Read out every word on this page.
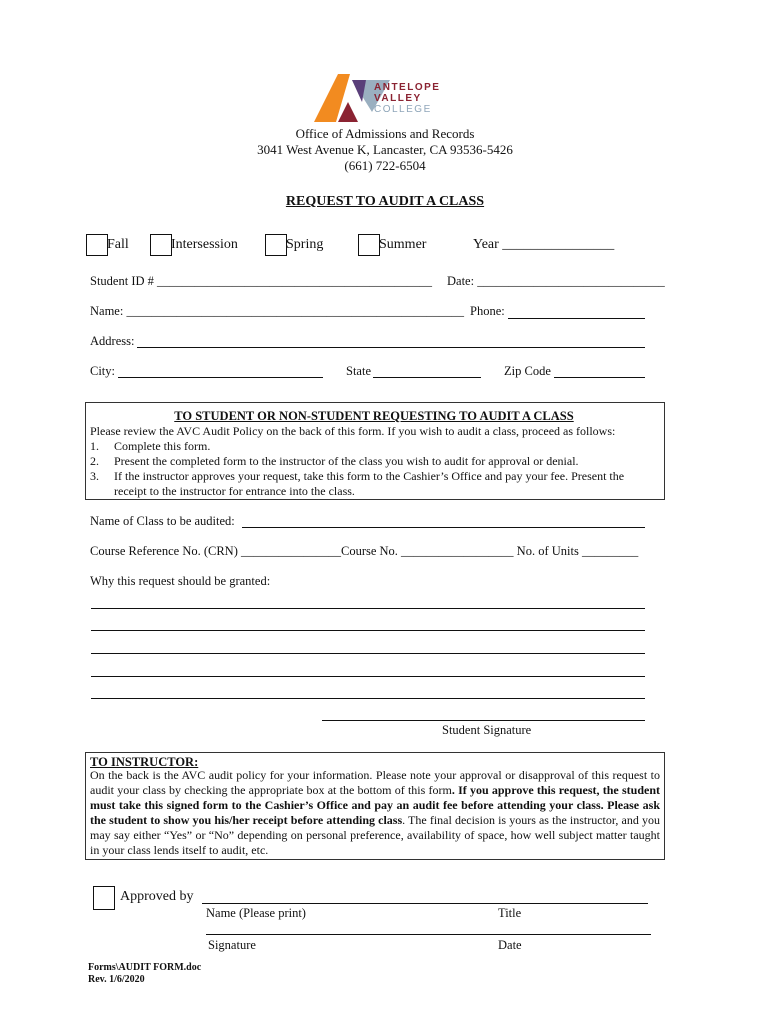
ANTELOPE
VALLEY
COLLEGE
Office of Admissions and Records
3041 West Avenue K, Lancaster, CA 93536-5426
(661) 722-6504
REQUEST TO AUDIT A CLASS
Fall	Intersession	Spring	Summer	Year ________________
Student ID # ____________________________________________ Date: ______________________________
Name: ______________________________________________________ Phone:
Address:
City:	State	Zip Code
TO STUDENT OR NON-STUDENT REQUESTING TO AUDIT A CLASS
Please review the AVC Audit Policy on the back of this form. If you wish to audit a class, proceed as follows:
1. Complete this form.
2. Present the completed form to the instructor of the class you wish to audit for approval or denial.
3. If the instructor approves your request, take this form to the Cashier’s Office and pay your fee. Present the
receipt to the instructor for entrance into the class.
Name of Class to be audited:
Course Reference No. (CRN) ________________Course No. __________________ No. of Units _________
Why this request should be granted:
Student Signature
TO INSTRUCTOR:
On the back is the AVC audit policy for your information. Please note your approval or disapproval of this request to audit your class by checking the appropriate box at the bottom of this form. If you approve this request, the student must take this signed form to the Cashier’s Office and pay an audit fee before attending your class. Please ask the student to show you his/her receipt before attending class. The final decision is yours as the instructor, and you may say either “Yes” or “No” depending on personal preference, availability of space, how well subject matter taught in your class lends itself to audit, etc.
Approved by
Name (Please print)	Title
Signature	Date
Forms\AUDIT FORM.doc
Rev. 1/6/2020
